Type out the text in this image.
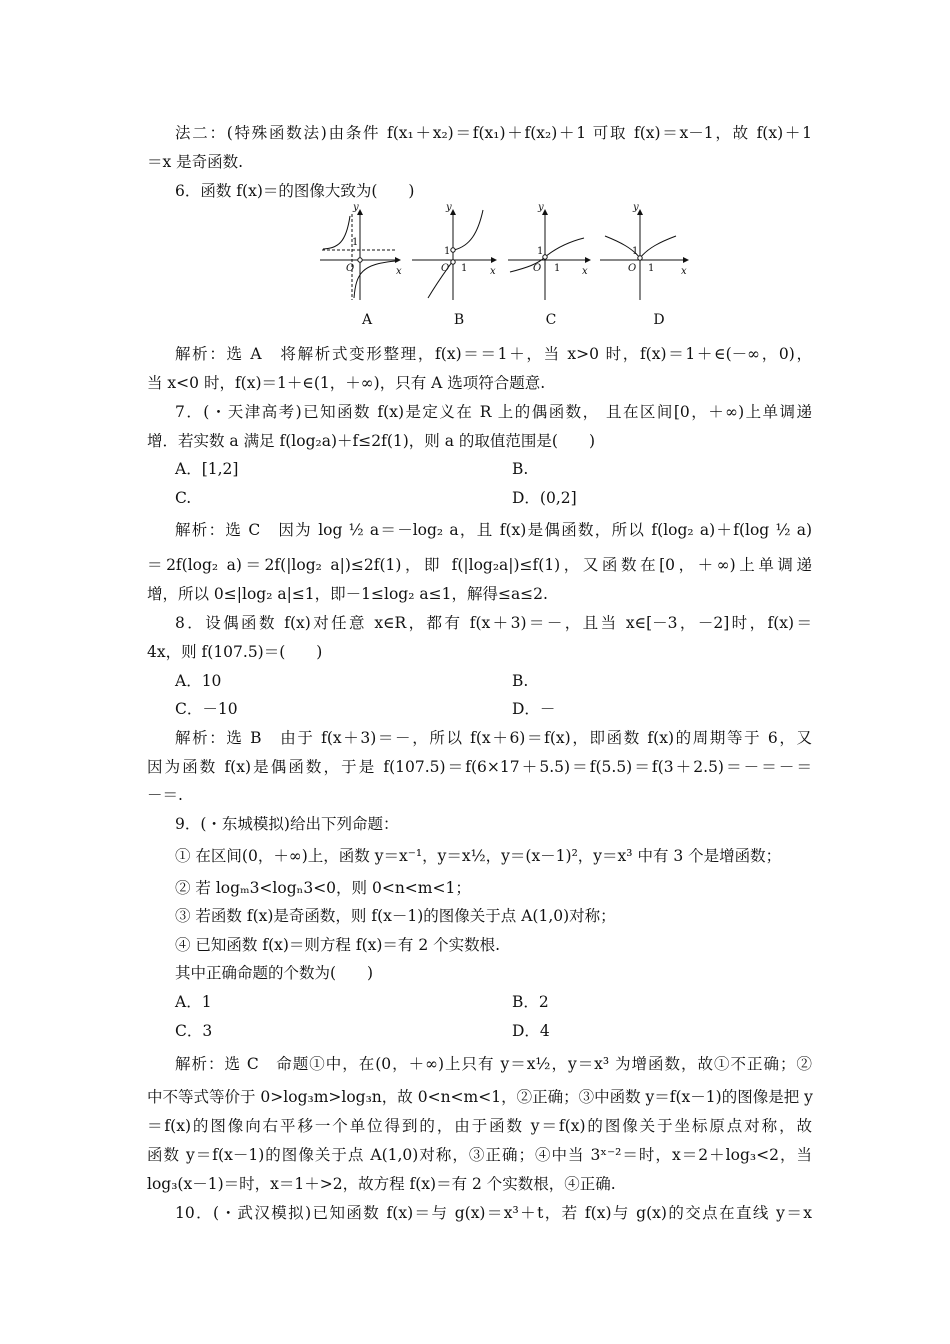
法二：(特殊函数法)由条件 f(x₁＋x₂)＝f(x₁)＋f(x₂)＋1 可取 f(x)＝x－1，故 f(x)＋1
＝x 是奇函数.
6．函数 f(x)＝的图像大致为(　　)
y
x
O
y
x
O
y
x
O
y
x
O
1
1
1
1
1
1
1
A	B	C	D
解析：选 A　将解析式变形整理，f(x)＝＝1＋，当 x>0 时，f(x)＝1＋∈(－∞，0)，
当 x<0 时，f(x)＝1＋∈(1，＋∞)，只有 A 选项符合题意.
7．(・天津高考)已知函数 f(x)是定义在 R 上的偶函数， 且在区间[0，＋∞)上单调递
增．若实数 a 满足 f(log₂a)＋f≤2f(1)，则 a 的取值范围是(　　)
A．[1,2]	B.
C.	D．(0,2]
解析：选 C　因为 log ½ a＝－log₂ a，且 f(x)是偶函数，所以 f(log₂ a)＋f(log ½ a)
＝2f(log₂ a)＝2f(|log₂ a|)≤2f(1)，即 f(|log₂a|)≤f(1)，又函数在[0，＋∞)上单调递
增，所以 0≤|log₂ a|≤1，即－1≤log₂ a≤1，解得≤a≤2.
8．设偶函数 f(x)对任意 x∈R，都有 f(x＋3)＝－，且当 x∈[－3，－2]时，f(x)＝
4x，则 f(107.5)＝(　　)
A．10	B.
C．－10	D．－
解析：选 B　由于 f(x＋3)＝－，所以 f(x＋6)＝f(x)，即函数 f(x)的周期等于 6，又
因为函数 f(x)是偶函数，于是 f(107.5)＝f(6×17＋5.5)＝f(5.5)＝f(3＋2.5)＝－＝－＝
－＝.
9．(・东城模拟)给出下列命题：
① 在区间(0，＋∞)上，函数 y＝x⁻¹，y＝x½，y＝(x－1)²，y＝x³ 中有 3 个是增函数；
② 若 logₘ3<logₙ3<0，则 0<n<m<1；
③ 若函数 f(x)是奇函数，则 f(x－1)的图像关于点 A(1,0)对称；
④ 已知函数 f(x)＝则方程 f(x)＝有 2 个实数根.
其中正确命题的个数为(　　)
A．1	B．2
C．3	D．4
解析：选 C　命题①中，在(0，＋∞)上只有 y＝x½，y＝x³ 为增函数，故①不正确；②
中不等式等价于 0>log₃m>log₃n，故 0<n<m<1，②正确；③中函数 y＝f(x－1)的图像是把 y
＝f(x)的图像向右平移一个单位得到的，由于函数 y＝f(x)的图像关于坐标原点对称，故
函数 y＝f(x－1)的图像关于点 A(1,0)对称，③正确；④中当 3ˣ⁻²＝时，x＝2＋log₃<2，当
log₃(x－1)＝时，x＝1＋>2，故方程 f(x)＝有 2 个实数根，④正确.
10．(・武汉模拟)已知函数 f(x)＝与 g(x)＝x³＋t，若 f(x)与 g(x)的交点在直线 y＝x
